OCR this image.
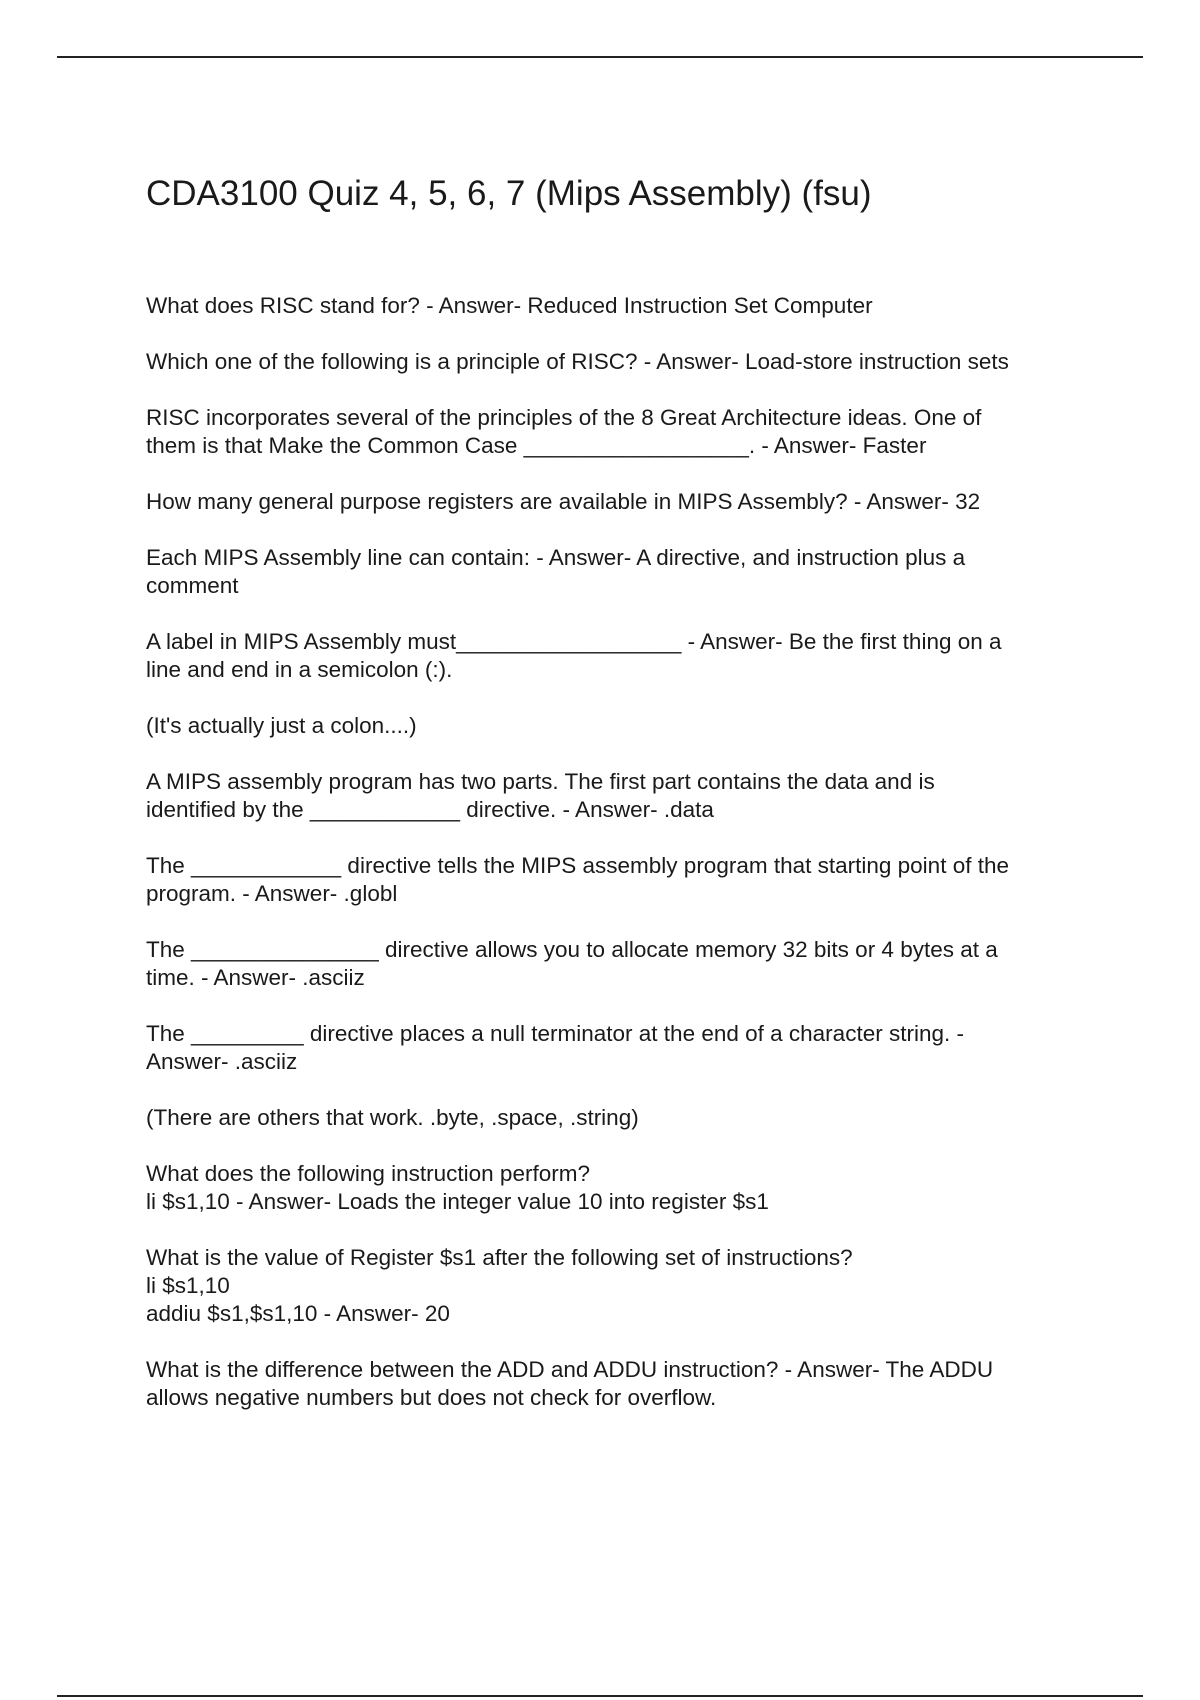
CDA3100 Quiz 4, 5, 6, 7 (Mips Assembly) (fsu)

What does RISC stand for? - Answer- Reduced Instruction Set Computer

Which one of the following is a principle of RISC? - Answer- Load-store instruction sets

RISC incorporates several of the principles of the 8 Great Architecture ideas. One of
them is that Make the Common Case __________________. - Answer- Faster

How many general purpose registers are available in MIPS Assembly? - Answer- 32

Each MIPS Assembly line can contain: - Answer- A directive, and instruction plus a
comment

A label in MIPS Assembly must__________________ - Answer- Be the first thing on a
line and end in a semicolon (:).

(It's actually just a colon....)

A MIPS assembly program has two parts. The first part contains the data and is
identified by the ____________ directive. - Answer- .data

The ____________ directive tells the MIPS assembly program that starting point of the
program. - Answer- .globl

The _______________ directive allows you to allocate memory 32 bits or 4 bytes at a
time. - Answer- .asciiz

The _________ directive places a null terminator at the end of a character string. -
Answer- .asciiz

(There are others that work. .byte, .space, .string)

What does the following instruction perform?
li $s1,10 - Answer- Loads the integer value 10 into register $s1

What is the value of Register $s1 after the following set of instructions?
li $s1,10
addiu $s1,$s1,10 - Answer- 20

What is the difference between the ADD and ADDU instruction? - Answer- The ADDU
allows negative numbers but does not check for overflow.
